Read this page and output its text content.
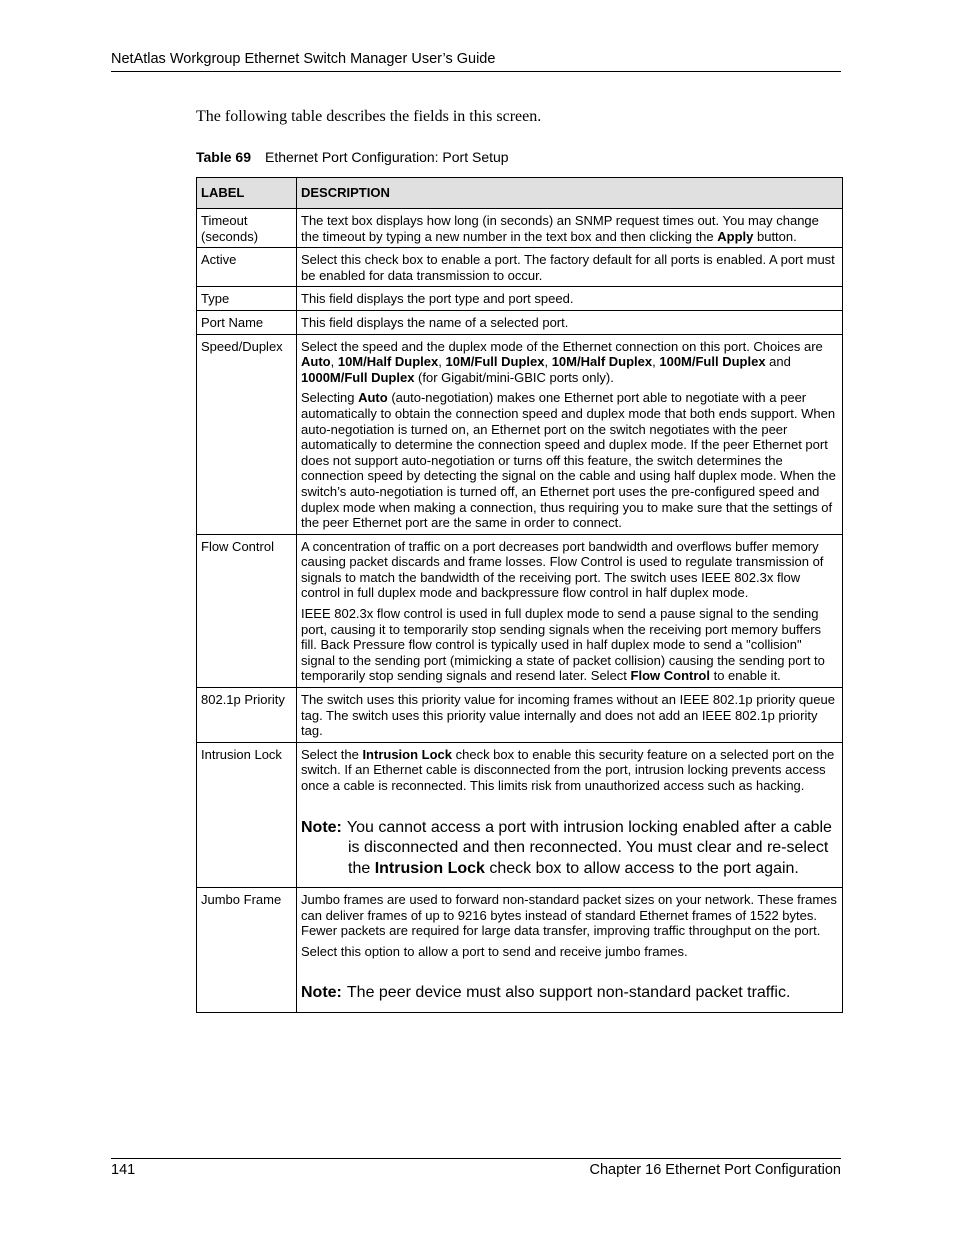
NetAtlas Workgroup Ethernet Switch Manager User’s Guide
The following table describes the fields in this screen.
Table 69 Ethernet Port Configuration: Port Setup
LABEL	DESCRIPTION
Timeout (seconds)	The text box displays how long (in seconds) an SNMP request times out. You may change the timeout by typing a new number in the text box and then clicking the Apply button.

Active	Select this check box to enable a port. The factory default for all ports is enabled. A port must be enabled for data transmission to occur.

Type	This field displays the port type and port speed.

Port Name	This field displays the name of a selected port.

Speed/Duplex	Select the speed and the duplex mode of the Ethernet connection on this port. Choices are Auto, 10M/Half Duplex, 10M/Full Duplex, 10M/Half Duplex, 100M/Full Duplex and 1000M/Full Duplex (for Gigabit/mini-GBIC ports only).

Selecting Auto (auto-negotiation) makes one Ethernet port able to negotiate with a peer automatically to obtain the connection speed and duplex mode that both ends support. When auto-negotiation is turned on, an Ethernet port on the switch negotiates with the peer automatically to determine the connection speed and duplex mode. If the peer Ethernet port does not support auto-negotiation or turns off this feature, the switch determines the connection speed by detecting the signal on the cable and using half duplex mode. When the switch’s auto-negotiation is turned off, an Ethernet port uses the pre-configured speed and duplex mode when making a connection, thus requiring you to make sure that the settings of the peer Ethernet port are the same in order to connect.

Flow Control	A concentration of traffic on a port decreases port bandwidth and overflows buffer memory causing packet discards and frame losses. Flow Control is used to regulate transmission of signals to match the bandwidth of the receiving port. The switch uses IEEE 802.3x flow control in full duplex mode and backpressure flow control in half duplex mode.

IEEE 802.3x flow control is used in full duplex mode to send a pause signal to the sending port, causing it to temporarily stop sending signals when the receiving port memory buffers fill. Back Pressure flow control is typically used in half duplex mode to send a "collision" signal to the sending port (mimicking a state of packet collision) causing the sending port to temporarily stop sending signals and resend later. Select Flow Control to enable it.

802.1p Priority	The switch uses this priority value for incoming frames without an IEEE 802.1p priority queue tag. The switch uses this priority value internally and does not add an IEEE 802.1p priority tag.

Intrusion Lock	Select the Intrusion Lock check box to enable this security feature on a selected port on the switch. If an Ethernet cable is disconnected from the port, intrusion locking prevents access once a cable is reconnected. This limits risk from unauthorized access such as hacking.

Note: You cannot access a port with intrusion locking enabled after a cable is disconnected and then reconnected. You must clear and re-select the Intrusion Lock check box to allow access to the port again.

Jumbo Frame	Jumbo frames are used to forward non-standard packet sizes on your network. These frames can deliver frames of up to 9216 bytes instead of standard Ethernet frames of 1522 bytes. Fewer packets are required for large data transfer, improving traffic throughput on the port.

Select this option to allow a port to send and receive jumbo frames.

Note: The peer device must also support non-standard packet traffic.

141	Chapter 16 Ethernet Port Configuration
